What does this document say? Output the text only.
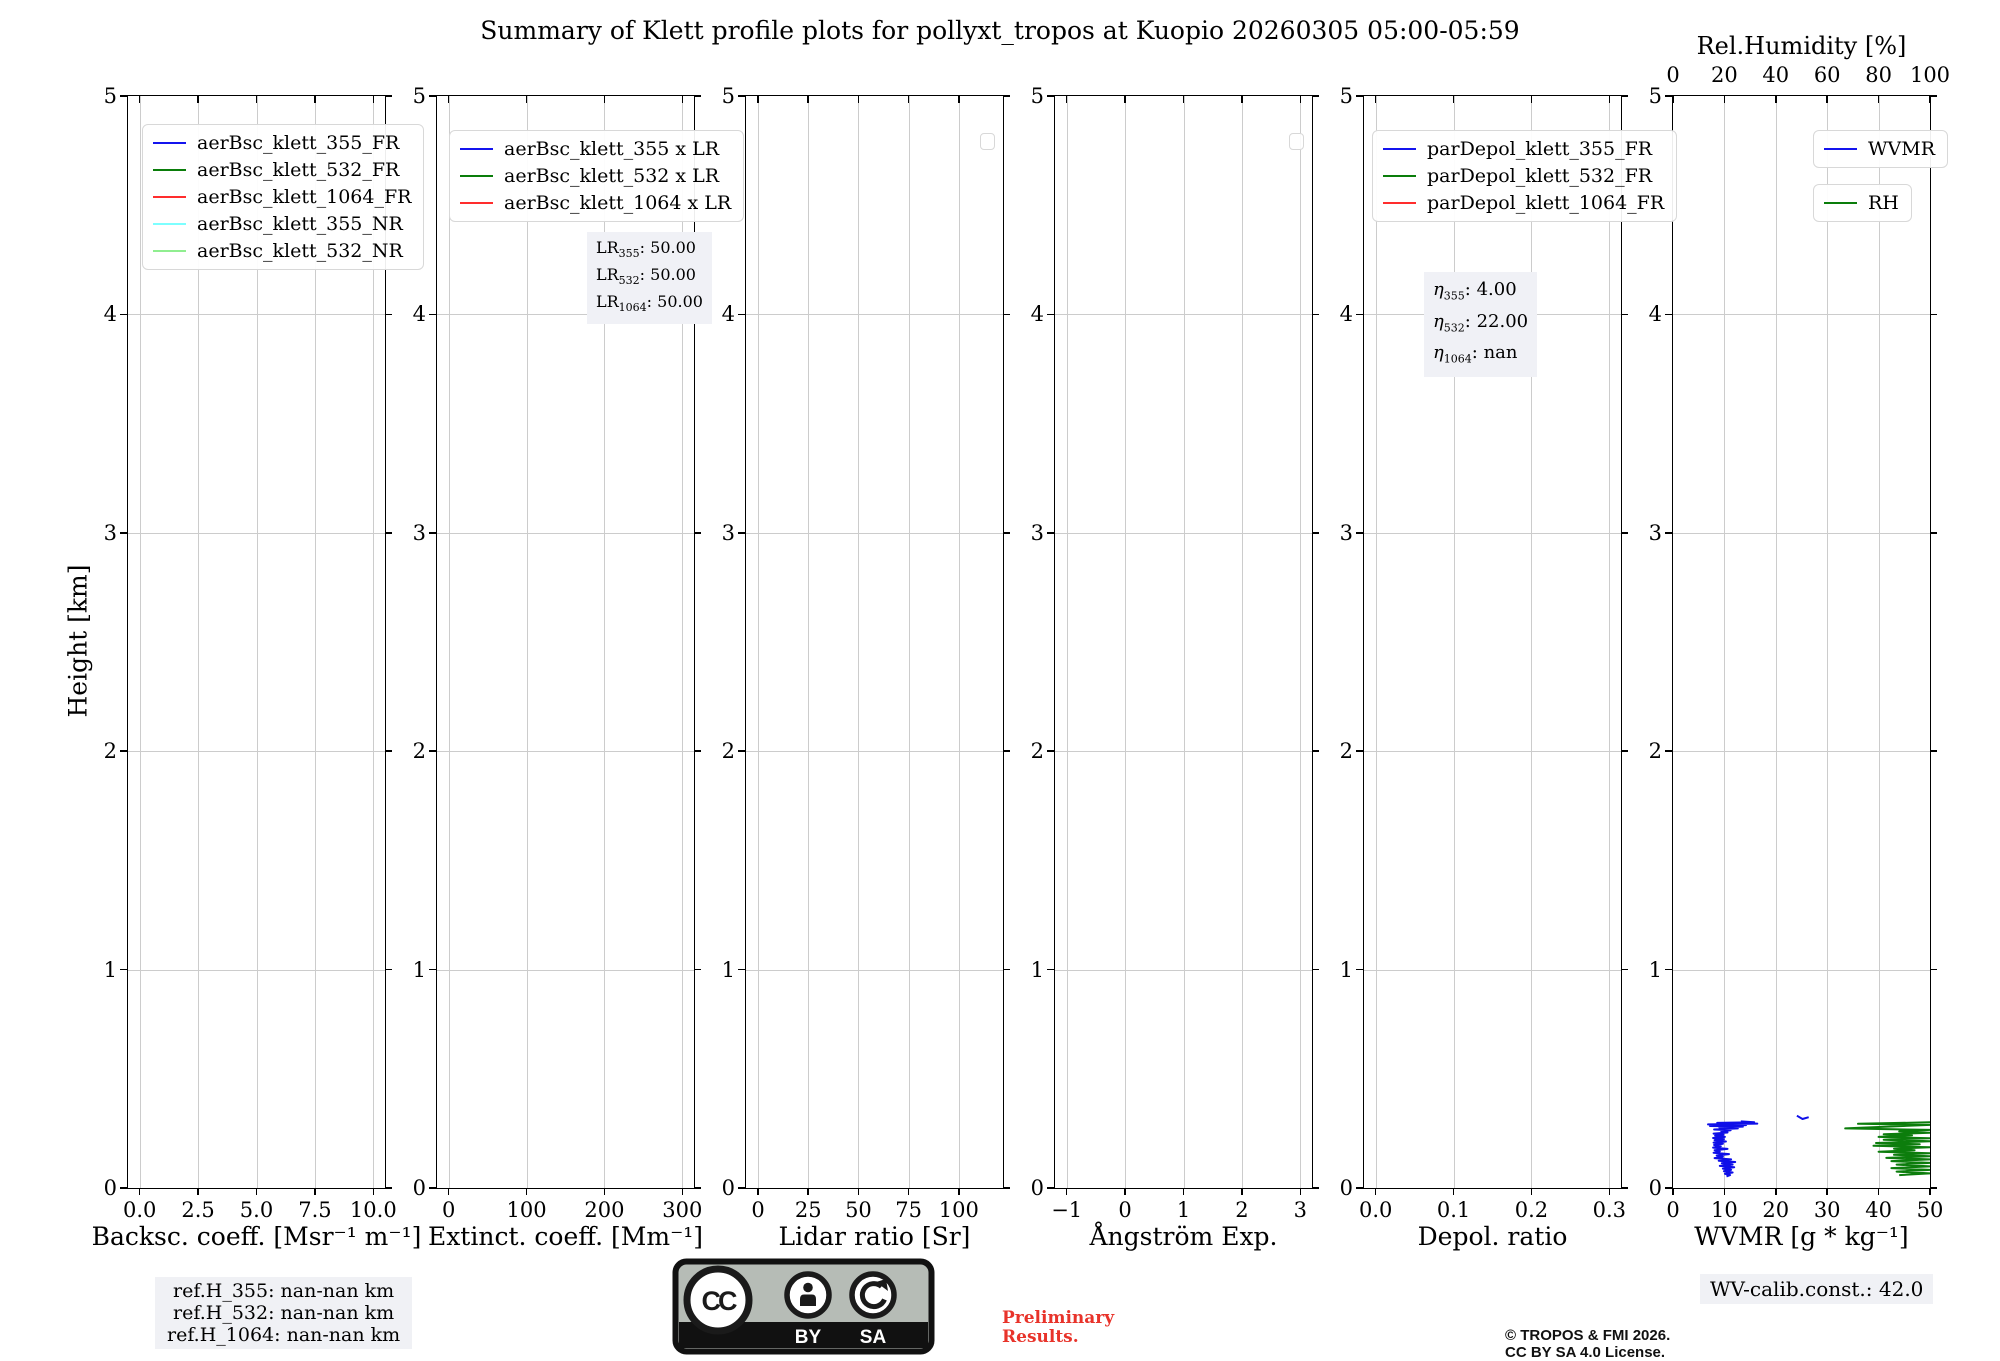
Summary of Klett profile plots for pollyxt_tropos at Kuopio 20260305 05:00-05:59
Height [km]
0.0 2.5 5.0 7.5 10.0
0
1
2
3
4
5
Backsc. coeff. [Msr⁻¹ m⁻¹]
aerBsc_klett_355_FR
aerBsc_klett_532_FR
aerBsc_klett_1064_FR
aerBsc_klett_355_NR
aerBsc_klett_532_NR
0 100 200 300
0
1
2
3
4
5
Extinct. coeff. [Mm⁻¹]
aerBsc_klett_355 x LR
aerBsc_klett_532 x LR
aerBsc_klett_1064 x LR
$LR_{355}$: 50.00
$LR_{532}$: 50.00
$LR_{1064}$: 50.00
0 25 50 75 100
0
1
2
3
4
5
Lidar ratio [Sr]
−1 0 1 2 3
0
1
2
3
4
5
Ångström Exp.
0.0 0.1 0.2 0.3
0
1
2
3
4
5
Depol. ratio
parDepol_klett_355_FR
parDepol_klett_532_FR
parDepol_klett_1064_FR
$\eta_{355}$: 4.00
$\eta_{532}$: 22.00
$\eta_{1064}$: nan
0 10 20 30 40 50
0
1
2
3
4
5
WVMR [g * kg⁻¹]
Rel.Humidity [%]
0 20 40 60 80 100
WVMR
RH
ref.H_355: nan-nan km
ref.H_532: nan-nan km
ref.H_1064: nan-nan km
CC
BY SA
Preliminary
Results.	© TROPOS & FMI 2026.
CC BY SA 4.0 License.
WV-calib.const.: 42.0
